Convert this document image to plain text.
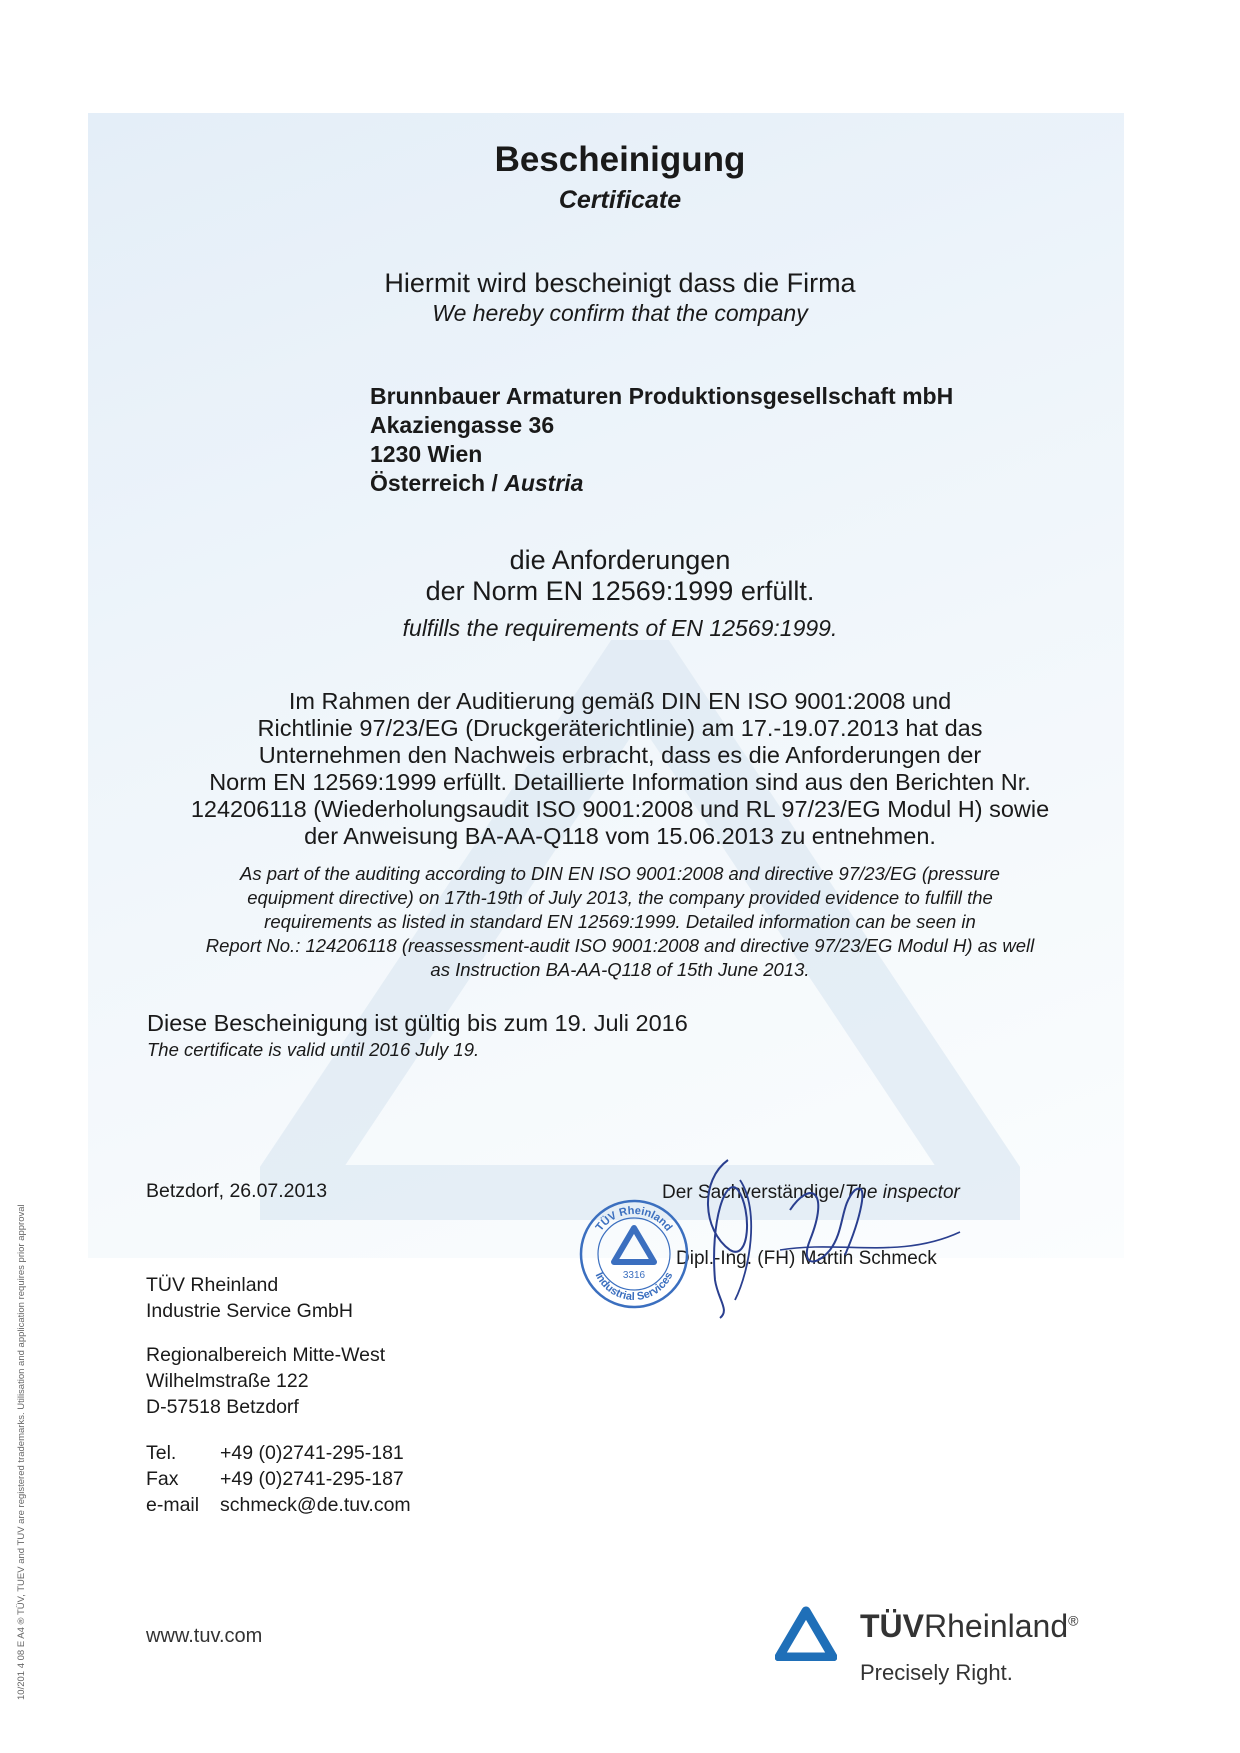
Bescheinigung
Certificate
Hiermit wird bescheinigt dass die Firma
We hereby confirm that the company
Brunnbauer Armaturen Produktionsgesellschaft mbH
Akaziengasse 36
1230 Wien
Österreich / Austria
die Anforderungen
der Norm EN 12569:1999 erfüllt.
fulfills the requirements of EN 12569:1999.
Im Rahmen der Auditierung gemäß DIN EN ISO 9001:2008 und
Richtlinie 97/23/EG (Druckgeräterichtlinie) am 17.-19.07.2013 hat das
Unternehmen den Nachweis erbracht, dass es die Anforderungen der
Norm EN 12569:1999 erfüllt. Detaillierte Information sind aus den Berichten Nr.
124206118 (Wiederholungsaudit ISO 9001:2008 und RL 97/23/EG Modul H) sowie
der Anweisung BA-AA-Q118 vom 15.06.2013 zu entnehmen.
As part of the auditing according to DIN EN ISO 9001:2008 and directive 97/23/EG (pressure
equipment directive) on 17th-19th of July 2013, the company provided evidence to fulfill the
requirements as listed in standard EN 12569:1999. Detailed information can be seen in
Report No.: 124206118 (reassessment-audit ISO 9001:2008 and directive 97/23/EG Modul H) as well
as Instruction BA-AA-Q118 of 15th June 2013.
Diese Bescheinigung ist gültig bis zum 19. Juli 2016
The certificate is valid until 2016 July 19.
Betzdorf, 26.07.2013	Der Sachverständige/The inspector
Dipl.-Ing. (FH) Martin Schmeck
TÜV Rheinland
Industrial Services
3316
TÜV Rheinland
Industrie Service GmbH
Regionalbereich Mitte-West
Wilhelmstraße 122
D-57518 Betzdorf
Tel. +49 (0)2741-295-181
Fax +49 (0)2741-295-187
e-mail schmeck@de.tuv.com
www.tuv.com	TÜVRheinland®
Precisely Right.
10/201 4 08 E A4 ® TÜV, TUEV and TUV are registered trademarks. Utilisation and application requires prior approval
